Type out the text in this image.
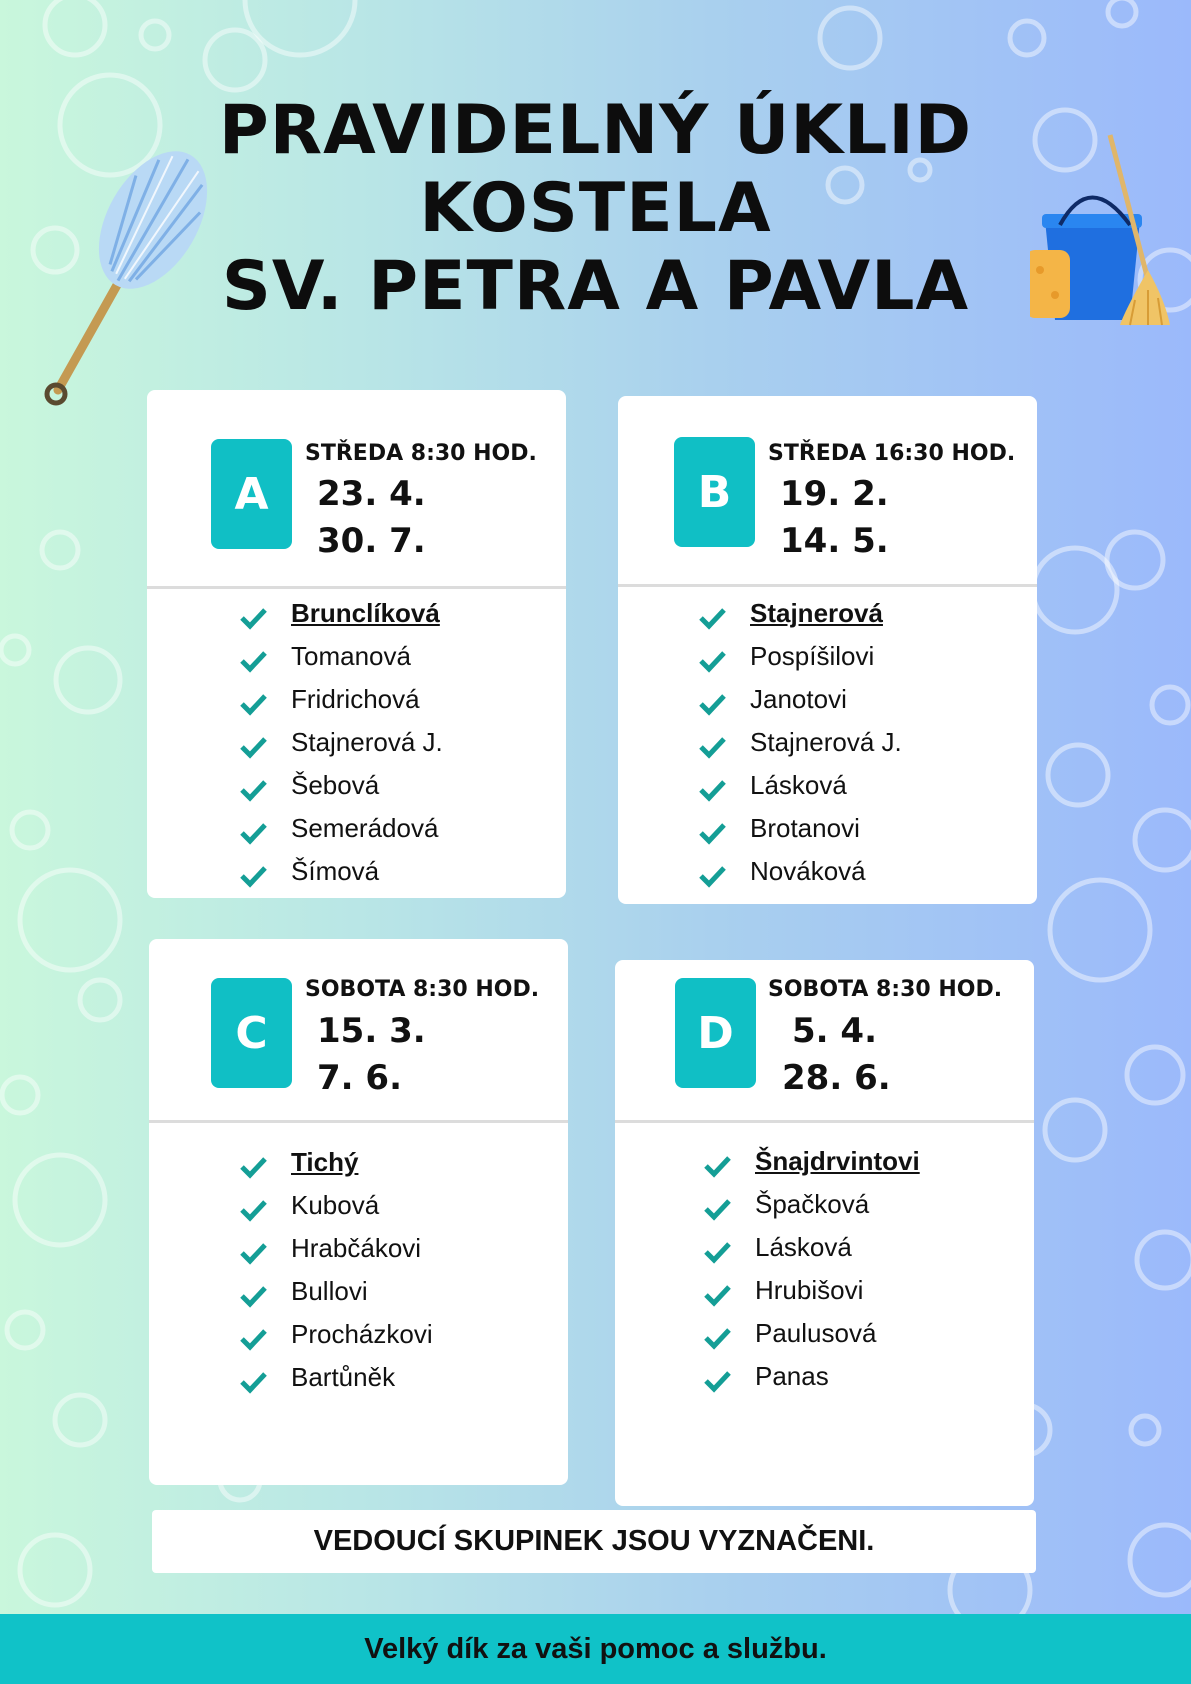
PRAVIDELNÝ ÚKLID
KOSTELA
SV. PETRA A PAVLA
A
STŘEDA 8:30 HOD.
23. 4.
30. 7.
Brunclíková
Tomanová
Fridrichová
Stajnerová J.
Šebová
Semerádová
Šímová
B
STŘEDA 16:30 HOD.
19. 2.
14. 5.
Stajnerová
Pospíšilovi
Janotovi
Stajnerová J.
Lásková
Brotanovi
Nováková
C
SOBOTA 8:30 HOD.
15. 3.
7. 6.
Tichý
Kubová
Hrabčákovi
Bullovi
Procházkovi
Bartůněk
D
SOBOTA 8:30 HOD.
5. 4.
28. 6.
Šnajdrvintovi
Špačková
Lásková
Hrubišovi
Paulusová
Panas
VEDOUCÍ SKUPINEK JSOU VYZNAČENI.
Velký dík za vaši pomoc a službu.
